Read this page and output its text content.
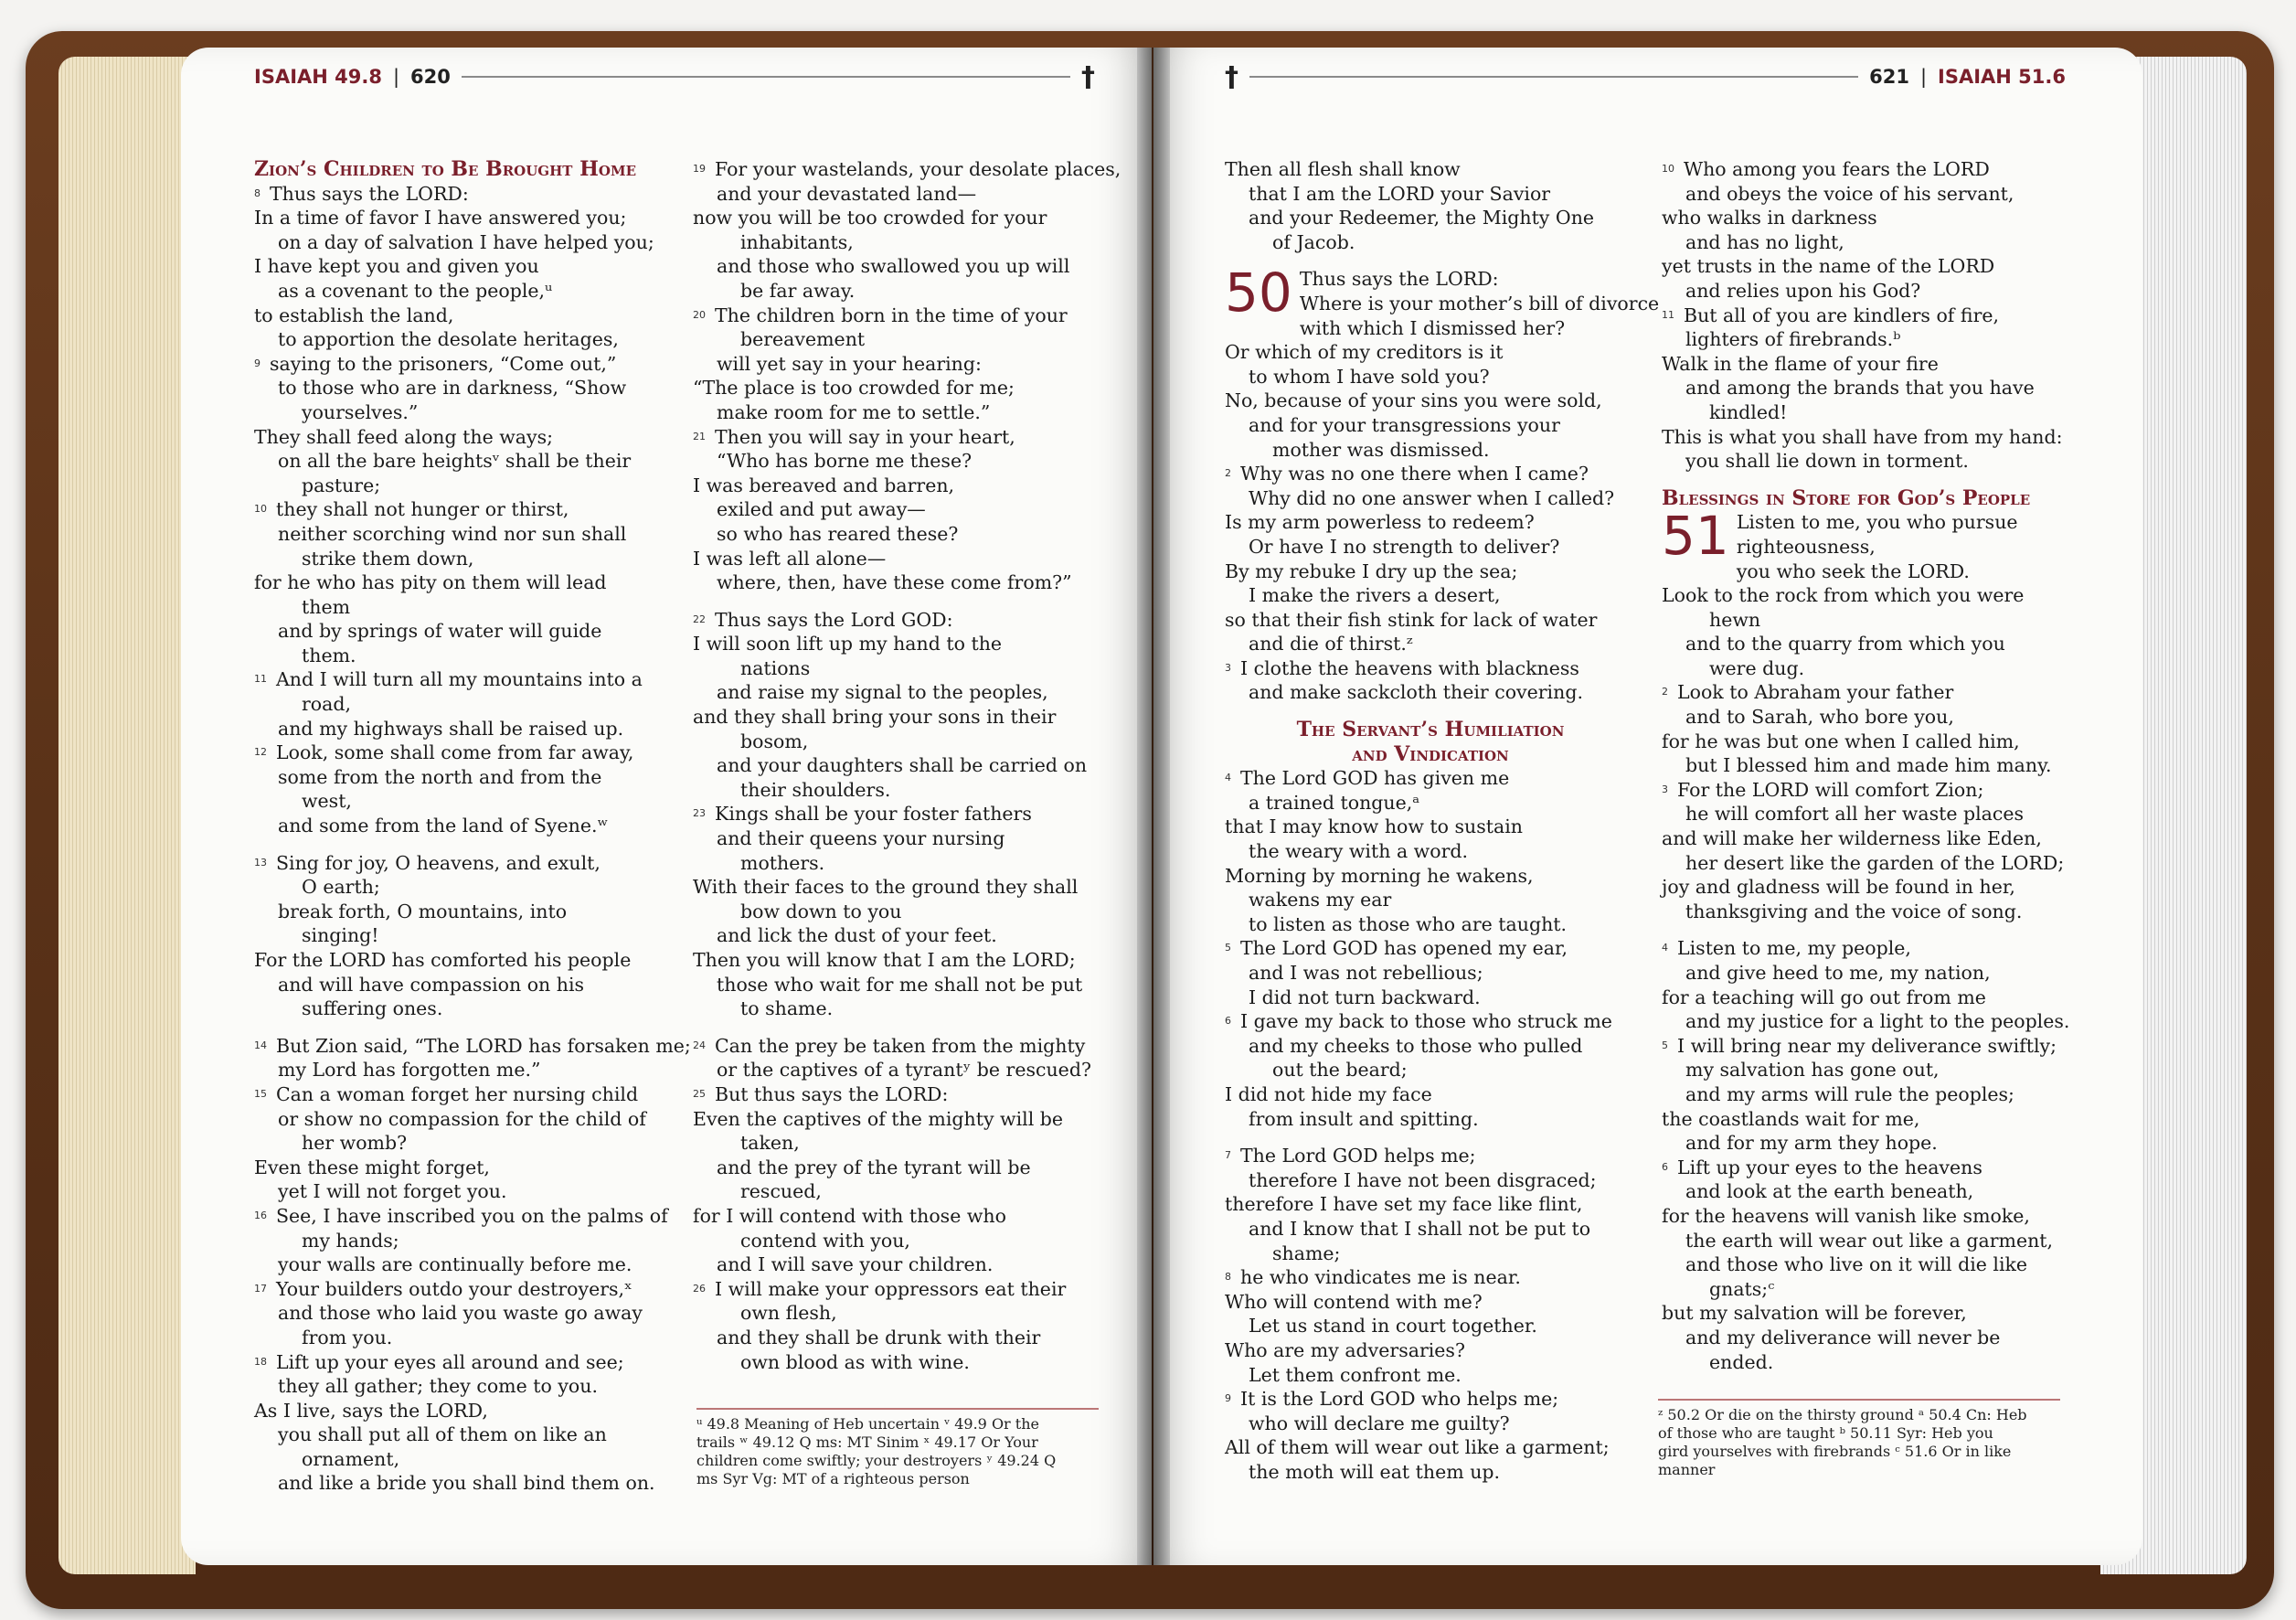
ISAIAH 49.8 | 620	†	†	621 | ISAIAH 51.6
Zion’s Children to Be Brought Home
$^8$ Thus says the LORD:
In a time of favor I have answered you;
on a day of salvation I have helped you;
I have kept you and given you
as a covenant to the people,ᵘ
to establish the land,
to apportion the desolate heritages,
$^9$ saying to the prisoners, “Come out,”
to those who are in darkness, “Show
yourselves.”
They shall feed along the ways;
on all the bare heightsᵛ shall be their
pasture;
$^{10}$ they shall not hunger or thirst,
neither scorching wind nor sun shall
strike them down,
for he who has pity on them will lead
them
and by springs of water will guide
them.
$^{11}$ And I will turn all my mountains into a
road,
and my highways shall be raised up.
$^{12}$ Look, some shall come from far away,
some from the north and from the
west,
and some from the land of Syene.ʷ
$^{13}$ Sing for joy, O heavens, and exult,
O earth;
break forth, O mountains, into
singing!
For the LORD has comforted his people
and will have compassion on his
suffering ones.
$^{14}$ But Zion said, “The LORD has forsaken me;
my Lord has forgotten me.”
$^{15}$ Can a woman forget her nursing child
or show no compassion for the child of
her womb?
Even these might forget,
yet I will not forget you.
$^{16}$ See, I have inscribed you on the palms of
my hands;
your walls are continually before me.
$^{17}$ Your builders outdo your destroyers,ˣ
and those who laid you waste go away
from you.
$^{18}$ Lift up your eyes all around and see;
they all gather; they come to you.
As I live, says the LORD,
you shall put all of them on like an
ornament,
and like a bride you shall bind them on.
$^{19}$ For your wastelands, your desolate places,
and your devastated land—
now you will be too crowded for your
inhabitants,
and those who swallowed you up will
be far away.
$^{20}$ The children born in the time of your
bereavement
will yet say in your hearing:
“The place is too crowded for me;
make room for me to settle.”
$^{21}$ Then you will say in your heart,
“Who has borne me these?
I was bereaved and barren,
exiled and put away—
so who has reared these?
I was left all alone—
where, then, have these come from?”
$^{22}$ Thus says the Lord GOD:
I will soon lift up my hand to the
nations
and raise my signal to the peoples,
and they shall bring your sons in their
bosom,
and your daughters shall be carried on
their shoulders.
$^{23}$ Kings shall be your foster fathers
and their queens your nursing
mothers.
With their faces to the ground they shall
bow down to you
and lick the dust of your feet.
Then you will know that I am the LORD;
those who wait for me shall not be put
to shame.
$^{24}$ Can the prey be taken from the mighty
or the captives of a tyrantʸ be rescued?
$^{25}$ But thus says the LORD:
Even the captives of the mighty will be
taken,
and the prey of the tyrant will be
rescued,
for I will contend with those who
contend with you,
and I will save your children.
$^{26}$ I will make your oppressors eat their
own flesh,
and they shall be drunk with their
own blood as with wine.
Then all flesh shall know
that I am the LORD your Savior
and your Redeemer, the Mighty One
of Jacob.
50 Thus says the LORD:
Where is your mother’s bill of divorce
with which I dismissed her?
Or which of my creditors is it
to whom I have sold you?
No, because of your sins you were sold,
and for your transgressions your
mother was dismissed.
$^2$ Why was no one there when I came?
Why did no one answer when I called?
Is my arm powerless to redeem?
Or have I no strength to deliver?
By my rebuke I dry up the sea;
I make the rivers a desert,
so that their fish stink for lack of water
and die of thirst.ᶻ
$^3$ I clothe the heavens with blackness
and make sackcloth their covering.
The Servant’s Humiliation
and Vindication
$^4$ The Lord GOD has given me
a trained tongue,ᵃ
that I may know how to sustain
the weary with a word.
Morning by morning he wakens,
wakens my ear
to listen as those who are taught.
$^5$ The Lord GOD has opened my ear,
and I was not rebellious;
I did not turn backward.
$^6$ I gave my back to those who struck me
and my cheeks to those who pulled
out the beard;
I did not hide my face
from insult and spitting.
$^7$ The Lord GOD helps me;
therefore I have not been disgraced;
therefore I have set my face like flint,
and I know that I shall not be put to
shame;
$^8$ he who vindicates me is near.
Who will contend with me?
Let us stand in court together.
Who are my adversaries?
Let them confront me.
$^9$ It is the Lord GOD who helps me;
who will declare me guilty?
All of them will wear out like a garment;
the moth will eat them up.
$^{10}$ Who among you fears the LORD
and obeys the voice of his servant,
who walks in darkness
and has no light,
yet trusts in the name of the LORD
and relies upon his God?
$^{11}$ But all of you are kindlers of fire,
lighters of firebrands.ᵇ
Walk in the flame of your fire
and among the brands that you have
kindled!
This is what you shall have from my hand:
you shall lie down in torment.
Blessings in Store for God’s People
51 Listen to me, you who pursue
righteousness,
you who seek the LORD.
Look to the rock from which you were
hewn
and to the quarry from which you
were dug.
$^2$ Look to Abraham your father
and to Sarah, who bore you,
for he was but one when I called him,
but I blessed him and made him many.
$^3$ For the LORD will comfort Zion;
he will comfort all her waste places
and will make her wilderness like Eden,
her desert like the garden of the LORD;
joy and gladness will be found in her,
thanksgiving and the voice of song.
$^4$ Listen to me, my people,
and give heed to me, my nation,
for a teaching will go out from me
and my justice for a light to the peoples.
$^5$ I will bring near my deliverance swiftly;
my salvation has gone out,
and my arms will rule the peoples;
the coastlands wait for me,
and for my arm they hope.
$^6$ Lift up your eyes to the heavens
and look at the earth beneath,
for the heavens will vanish like smoke,
the earth will wear out like a garment,
and those who live on it will die like
gnats;ᶜ
but my salvation will be forever,
and my deliverance will never be
ended.
ᵘ 49.8 Meaning of Heb uncertain ᵛ 49.9 Or the
trails ʷ 49.12 Q ms: MT Sinim ˣ 49.17 Or Your
children come swiftly; your destroyers ʸ 49.24 Q
ms Syr Vg: MT of a righteous person
ᶻ 50.2 Or die on the thirsty ground ᵃ 50.4 Cn: Heb
of those who are taught ᵇ 50.11 Syr: Heb you
gird yourselves with firebrands ᶜ 51.6 Or in like
manner
